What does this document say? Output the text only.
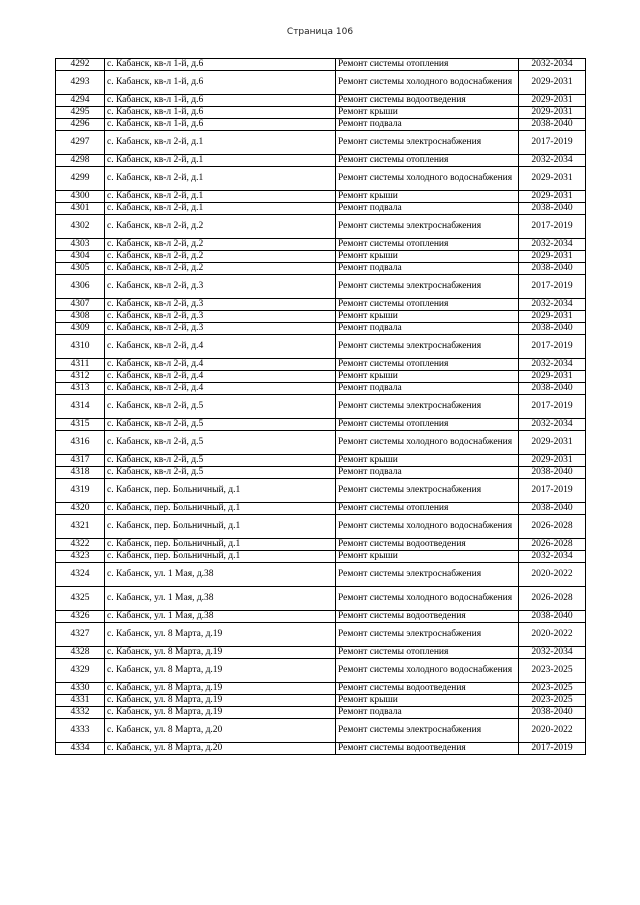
Страница 106
4292	с. Кабанск, кв-л 1-й, д.6	Ремонт системы отопления	2032-2034
4293	с. Кабанск, кв-л 1-й, д.6	Ремонт системы холодного водоснабжения	2029-2031
4294	с. Кабанск, кв-л 1-й, д.6	Ремонт системы водоотведения	2029-2031
4295	с. Кабанск, кв-л 1-й, д.6	Ремонт крыши	2029-2031
4296	с. Кабанск, кв-л 1-й, д.6	Ремонт подвала	2038-2040
4297	с. Кабанск, кв-л 2-й, д.1	Ремонт системы электроснабжения	2017-2019
4298	с. Кабанск, кв-л 2-й, д.1	Ремонт системы отопления	2032-2034
4299	с. Кабанск, кв-л 2-й, д.1	Ремонт системы холодного водоснабжения	2029-2031
4300	с. Кабанск, кв-л 2-й, д.1	Ремонт крыши	2029-2031
4301	с. Кабанск, кв-л 2-й, д.1	Ремонт подвала	2038-2040
4302	с. Кабанск, кв-л 2-й, д.2	Ремонт системы электроснабжения	2017-2019
4303	с. Кабанск, кв-л 2-й, д.2	Ремонт системы отопления	2032-2034
4304	с. Кабанск, кв-л 2-й, д.2	Ремонт крыши	2029-2031
4305	с. Кабанск, кв-л 2-й, д.2	Ремонт подвала	2038-2040
4306	с. Кабанск, кв-л 2-й, д.3	Ремонт системы электроснабжения	2017-2019
4307	с. Кабанск, кв-л 2-й, д.3	Ремонт системы отопления	2032-2034
4308	с. Кабанск, кв-л 2-й, д.3	Ремонт крыши	2029-2031
4309	с. Кабанск, кв-л 2-й, д.3	Ремонт подвала	2038-2040
4310	с. Кабанск, кв-л 2-й, д.4	Ремонт системы электроснабжения	2017-2019
4311	с. Кабанск, кв-л 2-й, д.4	Ремонт системы отопления	2032-2034
4312	с. Кабанск, кв-л 2-й, д.4	Ремонт крыши	2029-2031
4313	с. Кабанск, кв-л 2-й, д.4	Ремонт подвала	2038-2040
4314	с. Кабанск, кв-л 2-й, д.5	Ремонт системы электроснабжения	2017-2019
4315	с. Кабанск, кв-л 2-й, д.5	Ремонт системы отопления	2032-2034
4316	с. Кабанск, кв-л 2-й, д.5	Ремонт системы холодного водоснабжения	2029-2031
4317	с. Кабанск, кв-л 2-й, д.5	Ремонт крыши	2029-2031
4318	с. Кабанск, кв-л 2-й, д.5	Ремонт подвала	2038-2040
4319	с. Кабанск, пер. Больничный, д.1	Ремонт системы электроснабжения	2017-2019
4320	с. Кабанск, пер. Больничный, д.1	Ремонт системы отопления	2038-2040
4321	с. Кабанск, пер. Больничный, д.1	Ремонт системы холодного водоснабжения	2026-2028
4322	с. Кабанск, пер. Больничный, д.1	Ремонт системы водоотведения	2026-2028
4323	с. Кабанск, пер. Больничный, д.1	Ремонт крыши	2032-2034
4324	с. Кабанск, ул. 1 Мая, д.38	Ремонт системы электроснабжения	2020-2022
4325	с. Кабанск, ул. 1 Мая, д.38	Ремонт системы холодного водоснабжения	2026-2028
4326	с. Кабанск, ул. 1 Мая, д.38	Ремонт системы водоотведения	2038-2040
4327	с. Кабанск, ул. 8 Марта, д.19	Ремонт системы электроснабжения	2020-2022
4328	с. Кабанск, ул. 8 Марта, д.19	Ремонт системы отопления	2032-2034
4329	с. Кабанск, ул. 8 Марта, д.19	Ремонт системы холодного водоснабжения	2023-2025
4330	с. Кабанск, ул. 8 Марта, д.19	Ремонт системы водоотведения	2023-2025
4331	с. Кабанск, ул. 8 Марта, д.19	Ремонт крыши	2023-2025
4332	с. Кабанск, ул. 8 Марта, д.19	Ремонт подвала	2038-2040
4333	с. Кабанск, ул. 8 Марта, д.20	Ремонт системы электроснабжения	2020-2022
4334	с. Кабанск, ул. 8 Марта, д.20	Ремонт системы водоотведения	2017-2019
